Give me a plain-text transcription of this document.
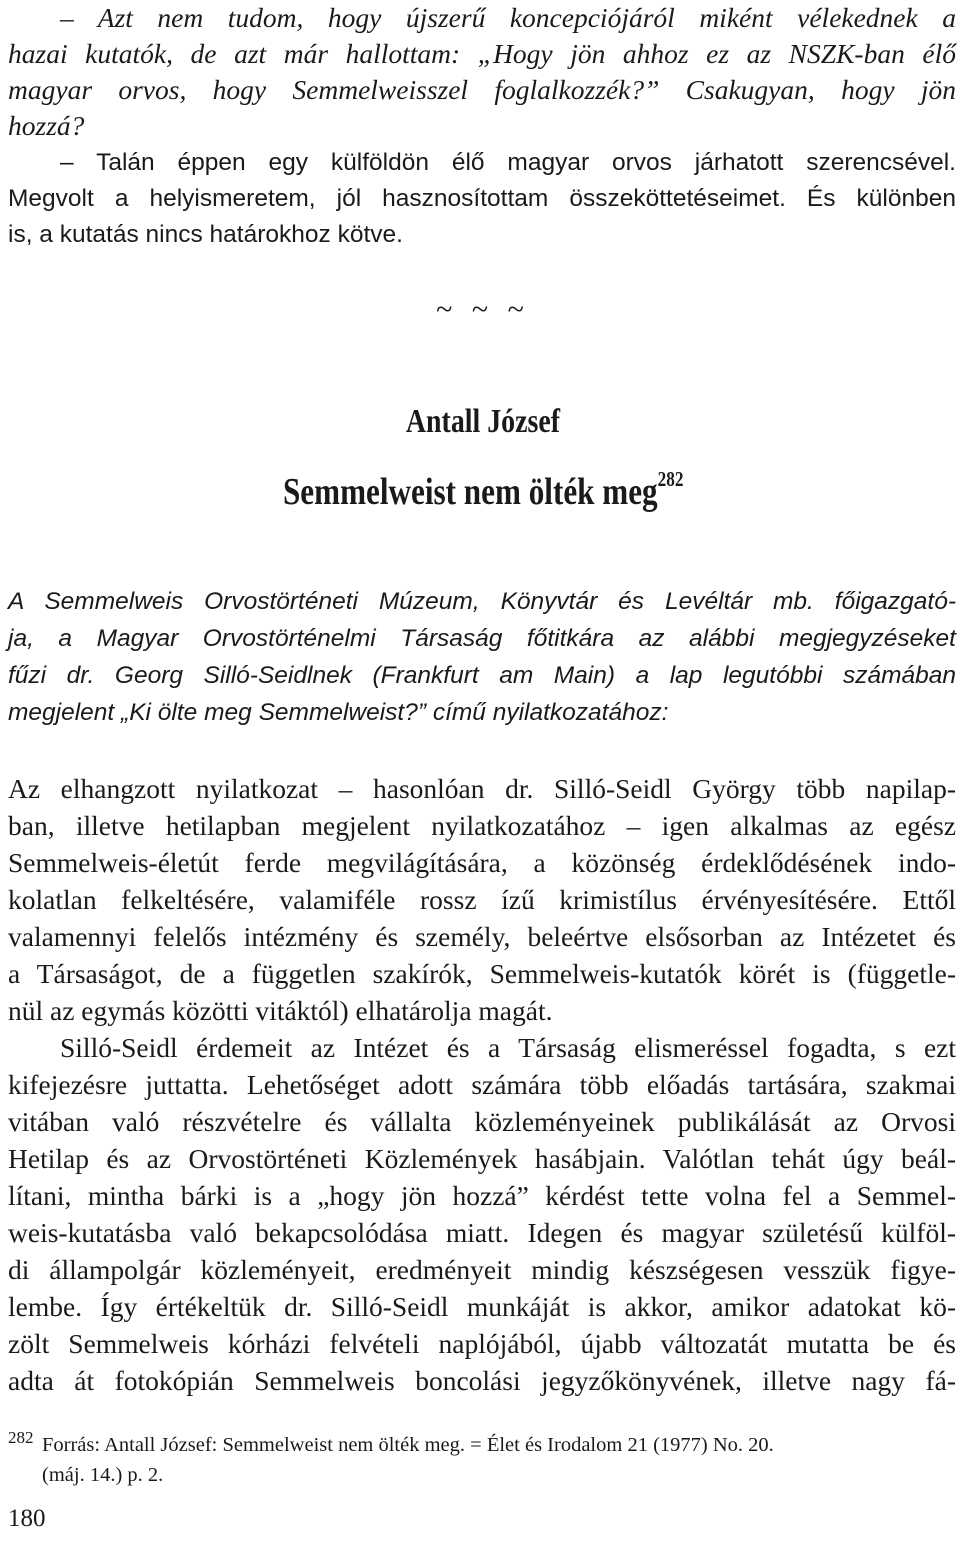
– Azt nem tudom, hogy újszerű koncepciójáról miként vélekednek a
hazai kutatók, de azt már hallottam: „Hogy jön ahhoz ez az NSZK-ban élő
magyar orvos, hogy Semmelweisszel foglalkozzék?” Csakugyan, hogy jön
hozzá?
– Talán éppen egy külföldön élő magyar orvos járhatott szerencsével.
Megvolt a helyismeretem, jól hasznosítottam összeköttetéseimet. És különben
is, a kutatás nincs határokhoz kötve.
~ ~ ~
Antall József
Semmelweist nem ölték meg$^{282}$
A Semmelweis Orvostörténeti Múzeum, Könyvtár és Levéltár mb. főigazgató-
ja, a Magyar Orvostörténelmi Társaság főtitkára az alábbi megjegyzéseket
fűzi dr. Georg Silló-Seidlnek (Frankfurt am Main) a lap legutóbbi számában
megjelent „Ki ölte meg Semmelweist?” című nyilatkozatához:
Az elhangzott nyilatkozat – hasonlóan dr. Silló-Seidl György több napilap-
ban, illetve hetilapban megjelent nyilatkozatához – igen alkalmas az egész
Semmelweis-életút ferde megvilágítására, a közönség érdeklődésének indo-
kolatlan felkeltésére, valamiféle rossz ízű krimistílus érvényesítésére. Ettől
valamennyi felelős intézmény és személy, beleértve elsősorban az Intézetet és
a Társaságot, de a független szakírók, Semmelweis-kutatók körét is (függetle-
nül az egymás közötti vitáktól) elhatárolja magát.
Silló-Seidl érdemeit az Intézet és a Társaság elismeréssel fogadta, s ezt
kifejezésre juttatta. Lehetőséget adott számára több előadás tartására, szakmai
vitában való részvételre és vállalta közleményeinek publikálását az Orvosi
Hetilap és az Orvostörténeti Közlemények hasábjain. Valótlan tehát úgy beál-
lítani, mintha bárki is a „hogy jön hozzá” kérdést tette volna fel a Semmel-
weis-kutatásba való bekapcsolódása miatt. Idegen és magyar születésű külföl-
di állampolgár közleményeit, eredményeit mindig készségesen vesszük figye-
lembe. Így értékeltük dr. Silló-Seidl munkáját is akkor, amikor adatokat kö-
zölt Semmelweis kórházi felvételi naplójából, újabb változatát mutatta be és
adta át fotokópián Semmelweis boncolási jegyzőkönyvének, illetve nagy fá-
282 Forrás: Antall József: Semmelweist nem ölték meg. = Élet és Irodalom 21 (1977) No. 20.
(máj. 14.) p. 2.
180
